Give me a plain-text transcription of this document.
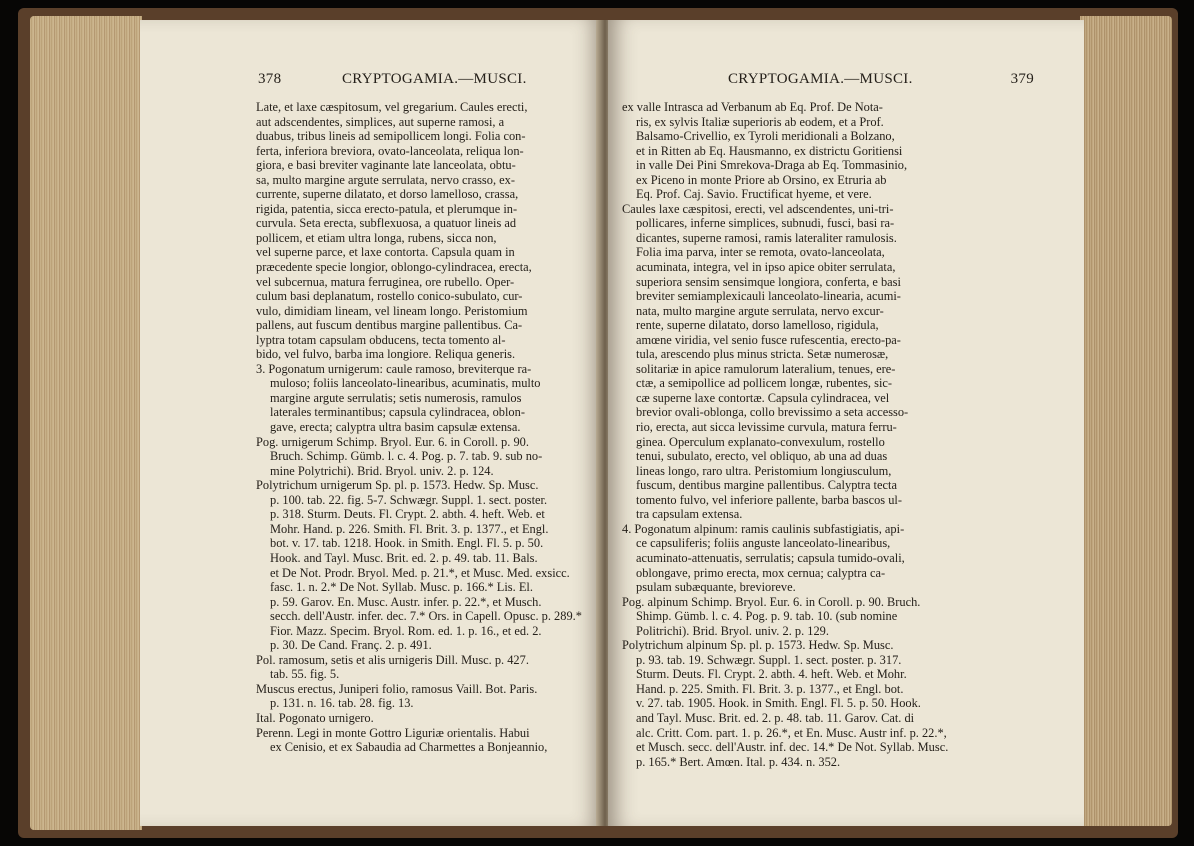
378	CRYPTOGAMIA.—MUSCI.
Late, et laxe cæspitosum, vel gregarium. Caules erecti,
aut adscendentes, simplices, aut superne ramosi, a
duabus, tribus lineis ad semipollicem longi. Folia con-
ferta, inferiora breviora, ovato-lanceolata, reliqua lon-
giora, e basi breviter vaginante late lanceolata, obtu-
sa, multo margine argute serrulata, nervo crasso, ex-
currente, superne dilatato, et dorso lamelloso, crassa,
rigida, patentia, sicca erecto-patula, et plerumque in-
curvula. Seta erecta, subflexuosa, a quatuor lineis ad
pollicem, et etiam ultra longa, rubens, sicca non,
vel superne parce, et laxe contorta. Capsula quam in
præcedente specie longior, oblongo-cylindracea, erecta,
vel subcernua, matura ferruginea, ore rubello. Oper-
culum basi deplanatum, rostello conico-subulato, cur-
vulo, dimidiam lineam, vel lineam longo. Peristomium
pallens, aut fuscum dentibus margine pallentibus. Ca-
lyptra totam capsulam obducens, tecta tomento al-
bido, vel fulvo, barba ima longiore. Reliqua generis.
3. Pogonatum urnigerum: caule ramoso, breviterque ra-
muloso; foliis lanceolato-linearibus, acuminatis, multo
margine argute serrulatis; setis numerosis, ramulos
laterales terminantibus; capsula cylindracea, oblon-
gave, erecta; calyptra ultra basim capsulæ extensa.
Pog. urnigerum Schimp. Bryol. Eur. 6. in Coroll. p. 90.
Bruch. Schimp. Gümb. l. c. 4. Pog. p. 7. tab. 9. sub no-
mine Polytrichi). Brid. Bryol. univ. 2. p. 124.
Polytrichum urnigerum Sp. pl. p. 1573. Hedw. Sp. Musc.
p. 100. tab. 22. fig. 5-7. Schwægr. Suppl. 1. sect. poster.
p. 318. Sturm. Deuts. Fl. Crypt. 2. abth. 4. heft. Web. et
Mohr. Hand. p. 226. Smith. Fl. Brit. 3. p. 1377., et Engl.
bot. v. 17. tab. 1218. Hook. in Smith. Engl. Fl. 5. p. 50.
Hook. and Tayl. Musc. Brit. ed. 2. p. 49. tab. 11. Bals.
et De Not. Prodr. Bryol. Med. p. 21.*, et Musc. Med. exsicc.
fasc. 1. n. 2.* De Not. Syllab. Musc. p. 166.* Lis. El.
p. 59. Garov. En. Musc. Austr. infer. p. 22.*, et Musch.
secch. dell'Austr. infer. dec. 7.* Ors. in Capell. Opusc. p. 289.*
Fior. Mazz. Specim. Bryol. Rom. ed. 1. p. 16., et ed. 2.
p. 30. De Cand. Franç. 2. p. 491.
Pol. ramosum, setis et alis urnigeris Dill. Musc. p. 427.
tab. 55. fig. 5.
Muscus erectus, Juniperi folio, ramosus Vaill. Bot. Paris.
p. 131. n. 16. tab. 28. fig. 13.
Ital. Pogonato urnigero.
Perenn. Legi in monte Gottro Liguriæ orientalis. Habui
ex Cenisio, et ex Sabaudia ad Charmettes a Bonjeannio,
CRYPTOGAMIA.—MUSCI.	379
ex valle Intrasca ad Verbanum ab Eq. Prof. De Nota-
ris, ex sylvis Italiæ superioris ab eodem, et a Prof.
Balsamo-Crivellio, ex Tyroli meridionali a Bolzano,
et in Ritten ab Eq. Hausmanno, ex districtu Goritiensi
in valle Dei Pini Smrekova-Draga ab Eq. Tommasinio,
ex Piceno in monte Priore ab Orsino, ex Etruria ab
Eq. Prof. Caj. Savio. Fructificat hyeme, et vere.
Caules laxe cæspitosi, erecti, vel adscendentes, uni-tri-
pollicares, inferne simplices, subnudi, fusci, basi ra-
dicantes, superne ramosi, ramis lateraliter ramulosis.
Folia ima parva, inter se remota, ovato-lanceolata,
acuminata, integra, vel in ipso apice obiter serrulata,
superiora sensim sensimque longiora, conferta, e basi
breviter semiamplexicauli lanceolato-linearia, acumi-
nata, multo margine argute serrulata, nervo excur-
rente, superne dilatato, dorso lamelloso, rigidula,
amœne viridia, vel senio fusce rufescentia, erecto-pa-
tula, arescendo plus minus stricta. Setæ numerosæ,
solitariæ in apice ramulorum lateralium, tenues, ere-
ctæ, a semipollice ad pollicem longæ, rubentes, sic-
cæ superne laxe contortæ. Capsula cylindracea, vel
brevior ovali-oblonga, collo brevissimo a seta accesso-
rio, erecta, aut sicca levissime curvula, matura ferru-
ginea. Operculum explanato-convexulum, rostello
tenui, subulato, erecto, vel obliquo, ab una ad duas
lineas longo, raro ultra. Peristomium longiusculum,
fuscum, dentibus margine pallentibus. Calyptra tecta
tomento fulvo, vel inferiore pallente, barba bascos ul-
tra capsulam extensa.
4. Pogonatum alpinum: ramis caulinis subfastigiatis, api-
ce capsuliferis; foliis anguste lanceolato-linearibus,
acuminato-attenuatis, serrulatis; capsula tumido-ovali,
oblongave, primo erecta, mox cernua; calyptra ca-
psulam subæquante, brevioreve.
Pog. alpinum Schimp. Bryol. Eur. 6. in Coroll. p. 90. Bruch.
Shimp. Gümb. l. c. 4. Pog. p. 9. tab. 10. (sub nomine
Politrichi). Brid. Bryol. univ. 2. p. 129.
Polytrichum alpinum Sp. pl. p. 1573. Hedw. Sp. Musc.
p. 93. tab. 19. Schwægr. Suppl. 1. sect. poster. p. 317.
Sturm. Deuts. Fl. Crypt. 2. abth. 4. heft. Web. et Mohr.
Hand. p. 225. Smith. Fl. Brit. 3. p. 1377., et Engl. bot.
v. 27. tab. 1905. Hook. in Smith. Engl. Fl. 5. p. 50. Hook.
and Tayl. Musc. Brit. ed. 2. p. 48. tab. 11. Garov. Cat. di
alc. Critt. Com. part. 1. p. 26.*, et En. Musc. Austr inf. p. 22.*,
et Musch. secc. dell'Austr. inf. dec. 14.* De Not. Syllab. Musc.
p. 165.* Bert. Amœn. Ital. p. 434. n. 352.
